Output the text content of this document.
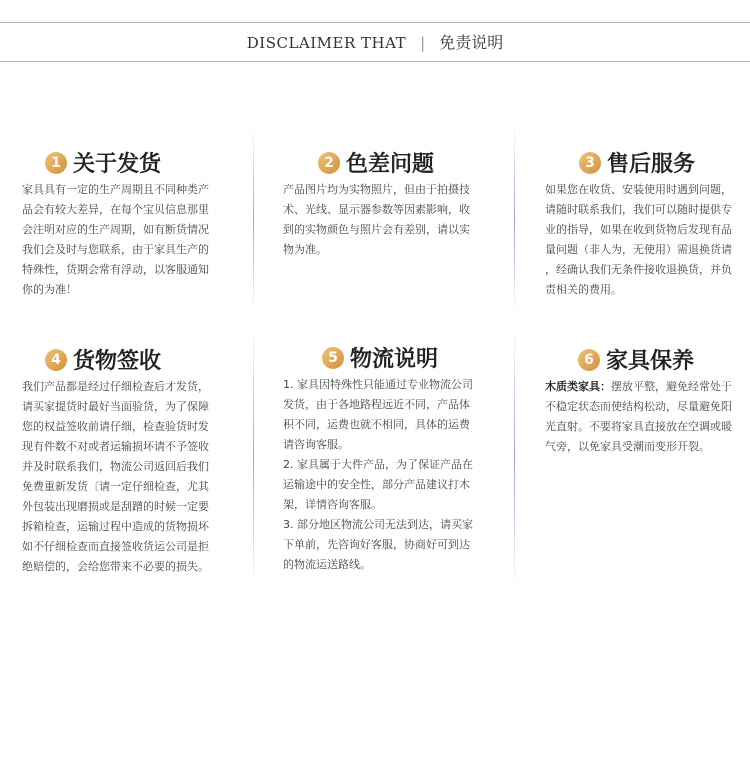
DISCLAIMER THAT | 免责说明
1 关于发货
家具具有一定的生产周期且不同种类产
品会有较大差异，在每个宝贝信息那里
会注明对应的生产周期，如有断货情况
我们会及时与您联系，由于家具生产的
特殊性，货期会常有浮动，以客服通知
你的为准！
2 色差问题
产品图片均为实物照片，但由于拍摄技
术、光线、显示器参数等因素影响，收
到的实物颜色与照片会有差别，请以实
物为准。
3 售后服务
如果您在收货、安装使用时遇到问题，
请随时联系我们，我们可以随时提供专
业的指导，如果在收到货物后发现有品
量问题（非人为，无使用）需退换货请
，经确认我们无条件接收退换货，并负
责相关的费用。
4 货物签收
我们产品都是经过仔细检查后才发货，
请买家提货时最好当面验货，为了保障
您的权益签收前请仔细，检查验货时发
现有件数不对或者运输损坏请不予签收
并及时联系我们，物流公司返回后我们
免费重新发货〔请一定仔细检查，尤其
外包装出现磨损或是刮蹭的时候一定要
拆箱检查，运输过程中造成的货物损坏
如不仔细检查而直接签收货运公司是拒
绝赔偿的，会给您带来不必要的损失。
5 物流说明
1. 家具因特殊性只能通过专业物流公司
发货，由于各地路程远近不同，产品体
积不同，运费也就不相同，具体的运费
请咨询客服。
2. 家具属于大件产品，为了保证产品在
运输途中的安全性，部分产品建议打木
架，详情咨询客服。
3. 部分地区物流公司无法到达，请买家
下单前，先咨询好客服，协商好可到达
的物流运送路线。
6 家具保养
木质类家具：摆放平整，避免经常处于
不稳定状态而使结构松动，尽量避免阳
光直射。不要将家具直接放在空调或暖
气旁，以免家具受潮而变形开裂。
